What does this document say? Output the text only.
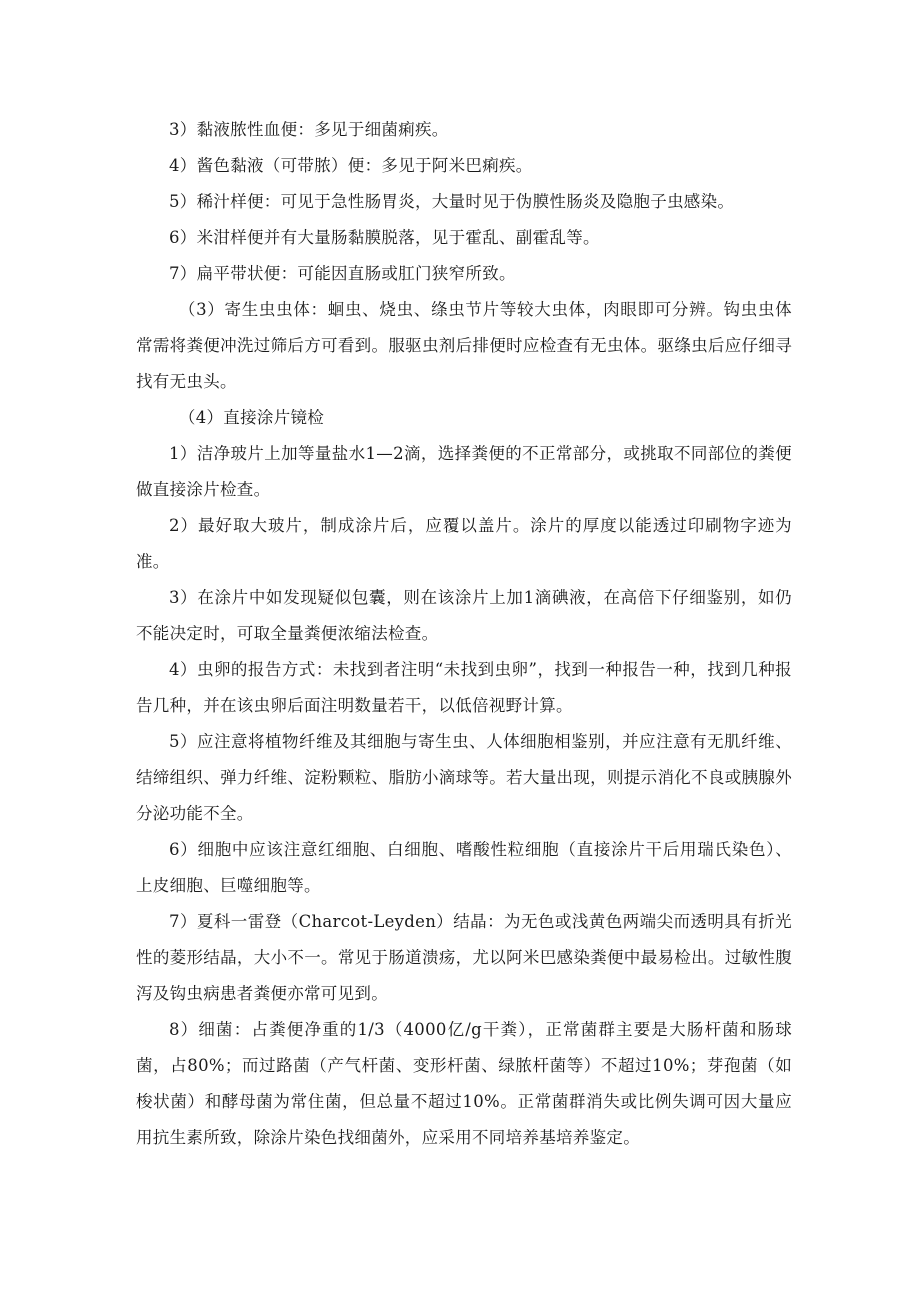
3）黏液脓性血便：多见于细菌痢疾。

4）酱色黏液（可带脓）便：多见于阿米巴痢疾。

5）稀汁样便：可见于急性肠胃炎，大量时见于伪膜性肠炎及隐胞子虫感染。

6）米泔样便并有大量肠黏膜脱落，见于霍乱、副霍乱等。

7）扁平带状便：可能因直肠或肛门狭窄所致。

（3）寄生虫虫体：蛔虫、烧虫、绦虫节片等较大虫体，肉眼即可分辨。钩虫虫体常需将粪便冲洗过筛后方可看到。服驱虫剂后排便时应检查有无虫体。驱绦虫后应仔细寻找有无虫头。

（4）直接涂片镜检

1）洁净玻片上加等量盐水1—2滴，选择粪便的不正常部分，或挑取不同部位的粪便做直接涂片检查。

2）最好取大玻片，制成涂片后，应覆以盖片。涂片的厚度以能透过印刷物字迹为准。

3）在涂片中如发现疑似包囊，则在该涂片上加1滴碘液，在高倍下仔细鉴别，如仍不能决定时，可取全量粪便浓缩法检查。

4）虫卵的报告方式：未找到者注明“未找到虫卵”，找到一种报告一种，找到几种报告几种，并在该虫卵后面注明数量若干，以低倍视野计算。

5）应注意将植物纤维及其细胞与寄生虫、人体细胞相鉴别，并应注意有无肌纤维、结缔组织、弹力纤维、淀粉颗粒、脂肪小滴球等。若大量出现，则提示消化不良或胰腺外分泌功能不全。

6）细胞中应该注意红细胞、白细胞、嗜酸性粒细胞（直接涂片干后用瑞氏染色）、上皮细胞、巨噬细胞等。

7）夏科一雷登（Charcot-Leyden）结晶：为无色或浅黄色两端尖而透明具有折光性的菱形结晶，大小不一。常见于肠道溃疡，尤以阿米巴感染粪便中最易检出。过敏性腹泻及钩虫病患者粪便亦常可见到。

8）细菌：占粪便净重的1/3（4000亿/g干粪），正常菌群主要是大肠杆菌和肠球菌，占80%；而过路菌（产气杆菌、变形杆菌、绿脓杆菌等）不超过10%；芽孢菌（如梭状菌）和酵母菌为常住菌，但总量不超过10%。正常菌群消失或比例失调可因大量应用抗生素所致，除涂片染色找细菌外，应采用不同培养基培养鉴定。
